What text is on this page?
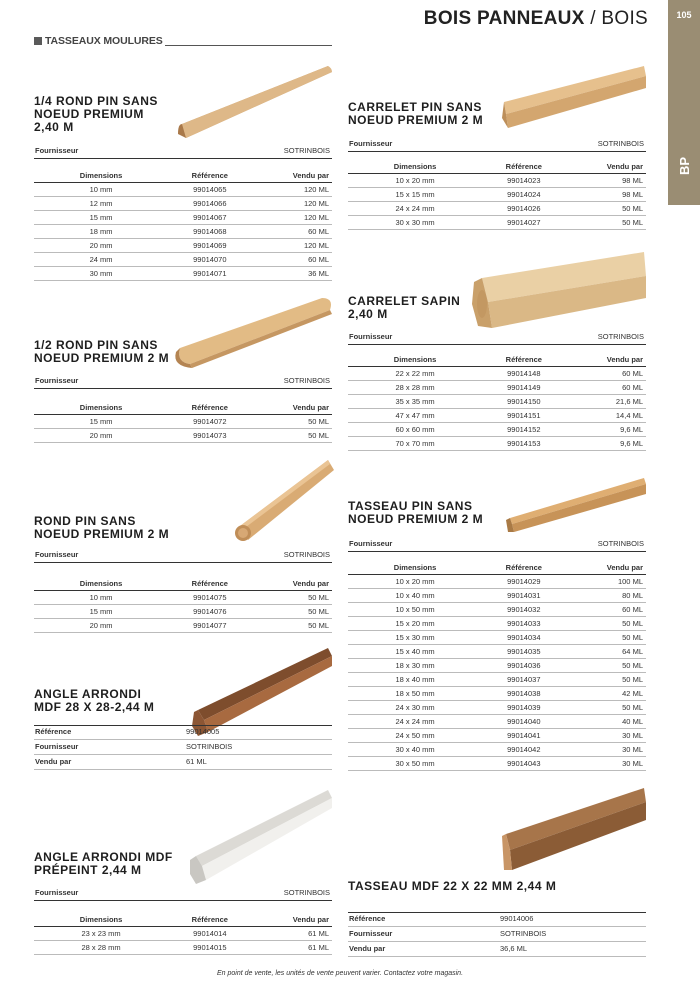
BOIS PANNEAUX / BOIS	105
BP
TASSEAUX MOULURES
1/4 ROND PIN SANS
NOEUD PREMIUM
2,40 M
Fournisseur	SOTRINBOIS
Dimensions	Référence	Vendu par
10 mm	99014065	120 ML
12 mm	99014066	120 ML
15 mm	99014067	120 ML
18 mm	99014068	60 ML
20 mm	99014069	120 ML
24 mm	99014070	60 ML
30 mm	99014071	36 ML
1/2 ROND PIN SANS
NOEUD PREMIUM 2 M
Fournisseur	SOTRINBOIS
Dimensions	Référence	Vendu par
15 mm	99014072	50 ML
20 mm	99014073	50 ML
ROND PIN SANS
NOEUD PREMIUM 2 M
Fournisseur	SOTRINBOIS
Dimensions	Référence	Vendu par
10 mm	99014075	50 ML
15 mm	99014076	50 ML
20 mm	99014077	50 ML
ANGLE ARRONDI
MDF 28 X 28-2,44 M
Référence	99014005
Fournisseur	SOTRINBOIS
Vendu par	61 ML
ANGLE ARRONDI MDF
PRÉPEINT 2,44 M
Fournisseur	SOTRINBOIS
Dimensions	Référence	Vendu par
23 x 23 mm	99014014	61 ML
28 x 28 mm	99014015	61 ML
CARRELET PIN SANS
NOEUD PREMIUM 2 M
Fournisseur	SOTRINBOIS
Dimensions	Référence	Vendu par
10 x 20 mm	99014023	98 ML
15 x 15 mm	99014024	98 ML
24 x 24 mm	99014026	50 ML
30 x 30 mm	99014027	50 ML
CARRELET SAPIN
2,40 M
Fournisseur	SOTRINBOIS
Dimensions	Référence	Vendu par
22 x 22 mm	99014148	60 ML
28 x 28 mm	99014149	60 ML
35 x 35 mm	99014150	21,6 ML
47 x 47 mm	99014151	14,4 ML
60 x 60 mm	99014152	9,6 ML
70 x 70 mm	99014153	9,6 ML
TASSEAU PIN SANS
NOEUD PREMIUM 2 M
Fournisseur	SOTRINBOIS
Dimensions	Référence	Vendu par
10 x 20 mm	99014029	100 ML
10 x 40 mm	99014031	80 ML
10 x 50 mm	99014032	60 ML
15 x 20 mm	99014033	50 ML
15 x 30 mm	99014034	50 ML
15 x 40 mm	99014035	64 ML
18 x 30 mm	99014036	50 ML
18 x 40 mm	99014037	50 ML
18 x 50 mm	99014038	42 ML
24 x 30 mm	99014039	50 ML
24 x 24 mm	99014040	40 ML
24 x 50 mm	99014041	30 ML
30 x 40 mm	99014042	30 ML
30 x 50 mm	99014043	30 ML
TASSEAU MDF 22 X 22 MM 2,44 M
Référence	99014006
Fournisseur	SOTRINBOIS
Vendu par	36,6 ML
En point de vente, les unités de vente peuvent varier. Contactez votre magasin.
